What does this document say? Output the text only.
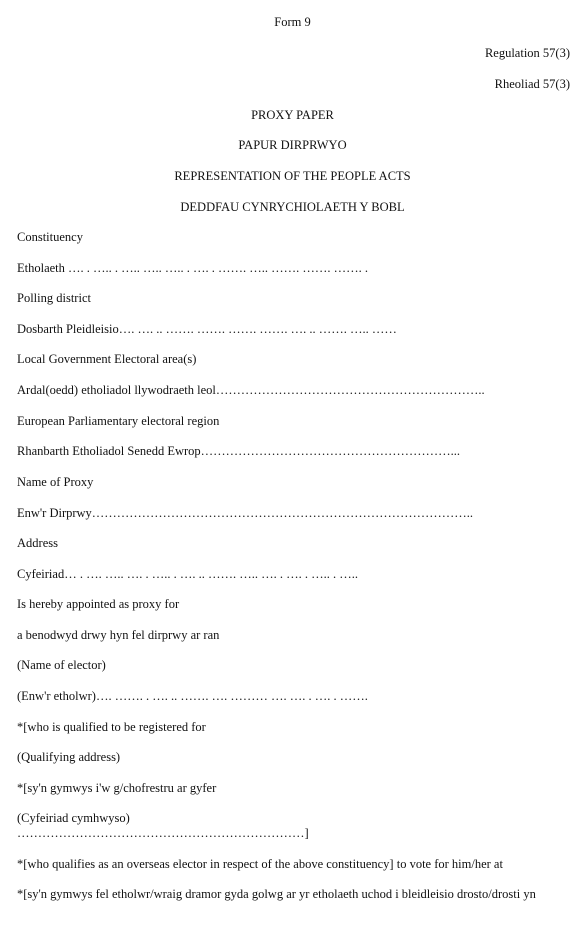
Form 9
Regulation 57(3)
Rheoliad 57(3)
PROXY PAPER
PAPUR DIRPRWYO
REPRESENTATION OF THE PEOPLE ACTS
DEDDFAU CYNRYCHIOLAETH Y BOBL
Constituency
Etholaeth …. . ….. . ….. ….. ….. . …. . ……. ….. ……. ……. ……. .
Polling district
Dosbarth Pleidleisio…. …. .. ……. ……. ……. ……. …. .. ……. ….. ……
Local Government Electoral area(s)
Ardal(oedd) etholiadol llywodraeth leol………………………………………………………..
European Parliamentary electoral region
Rhanbarth Etholiadol Senedd Ewrop……………………………………………………...
Name of Proxy
Enw'r Dirprwy………………………………………………………………………………..
Address
Cyfeiriad… . …. ….. …. . ….. . …. .. ……. ….. …. . …. . ….. . …..
Is hereby appointed as proxy for
a benodwyd drwy hyn fel dirprwy ar ran
(Name of elector)
(Enw'r etholwr)…. ……. . …. .. ……. …. ……… …. …. . …. . …….
*[who is qualified to be registered for
(Qualifying address)
*[sy'n gymwys i'w g/chofrestru ar gyfer
(Cyfeiriad cymhwyso)
……………………………………………………………]
*[who qualifies as an overseas elector in respect of the above constituency] to vote for him/her at
*[sy'n gymwys fel etholwr/wraig dramor gyda golwg ar yr etholaeth uchod i bleidleisio drosto/drosti yn
